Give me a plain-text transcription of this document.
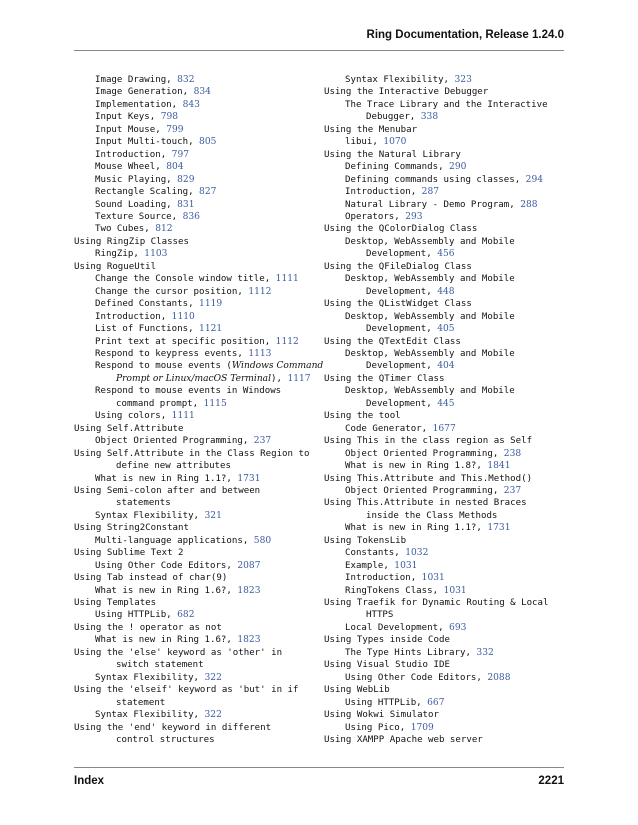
Ring Documentation, Release 1.24.0
Image Drawing, 832
Image Generation, 834
Implementation, 843
Input Keys, 798
Input Mouse, 799
Input Multi-touch, 805
Introduction, 797
Mouse Wheel, 804
Music Playing, 829
Rectangle Scaling, 827
Sound Loading, 831
Texture Source, 836
Two Cubes, 812
Using RingZip Classes
RingZip, 1103
Using RogueUtil
Change the Console window title, 1111
Change the cursor position, 1112
Defined Constants, 1119
Introduction, 1110
List of Functions, 1121
Print text at specific position, 1112
Respond to keypress events, 1113
Respond to mouse events (Windows Command
Prompt or Linux/macOS Terminal), 1117
Respond to mouse events in Windows
command prompt, 1115
Using colors, 1111
Using Self.Attribute
Object Oriented Programming, 237
Using Self.Attribute in the Class Region to
define new attributes
What is new in Ring 1.1?, 1731
Using Semi-colon after and between
statements
Syntax Flexibility, 321
Using String2Constant
Multi-language applications, 580
Using Sublime Text 2
Using Other Code Editors, 2087
Using Tab instead of char(9)
What is new in Ring 1.6?, 1823
Using Templates
Using HTTPLib, 682
Using the ! operator as not
What is new in Ring 1.6?, 1823
Using the 'else' keyword as 'other' in
switch statement
Syntax Flexibility, 322
Using the 'elseif' keyword as 'but' in if
statement
Syntax Flexibility, 322
Using the 'end' keyword in different
control structures
Syntax Flexibility, 323
Using the Interactive Debugger
The Trace Library and the Interactive
Debugger, 338
Using the Menubar
libui, 1070
Using the Natural Library
Defining Commands, 290
Defining commands using classes, 294
Introduction, 287
Natural Library - Demo Program, 288
Operators, 293
Using the QColorDialog Class
Desktop, WebAssembly and Mobile
Development, 456
Using the QFileDialog Class
Desktop, WebAssembly and Mobile
Development, 448
Using the QListWidget Class
Desktop, WebAssembly and Mobile
Development, 405
Using the QTextEdit Class
Desktop, WebAssembly and Mobile
Development, 404
Using the QTimer Class
Desktop, WebAssembly and Mobile
Development, 445
Using the tool
Code Generator, 1677
Using This in the class region as Self
Object Oriented Programming, 238
What is new in Ring 1.8?, 1841
Using This.Attribute and This.Method()
Object Oriented Programming, 237
Using This.Attribute in nested Braces
inside the Class Methods
What is new in Ring 1.1?, 1731
Using TokensLib
Constants, 1032
Example, 1031
Introduction, 1031
RingTokens Class, 1031
Using Traefik for Dynamic Routing & Local
HTTPS
Local Development, 693
Using Types inside Code
The Type Hints Library, 332
Using Visual Studio IDE
Using Other Code Editors, 2088
Using WebLib
Using HTTPLib, 667
Using Wokwi Simulator
Using Pico, 1709
Using XAMPP Apache web server
Index	2221
